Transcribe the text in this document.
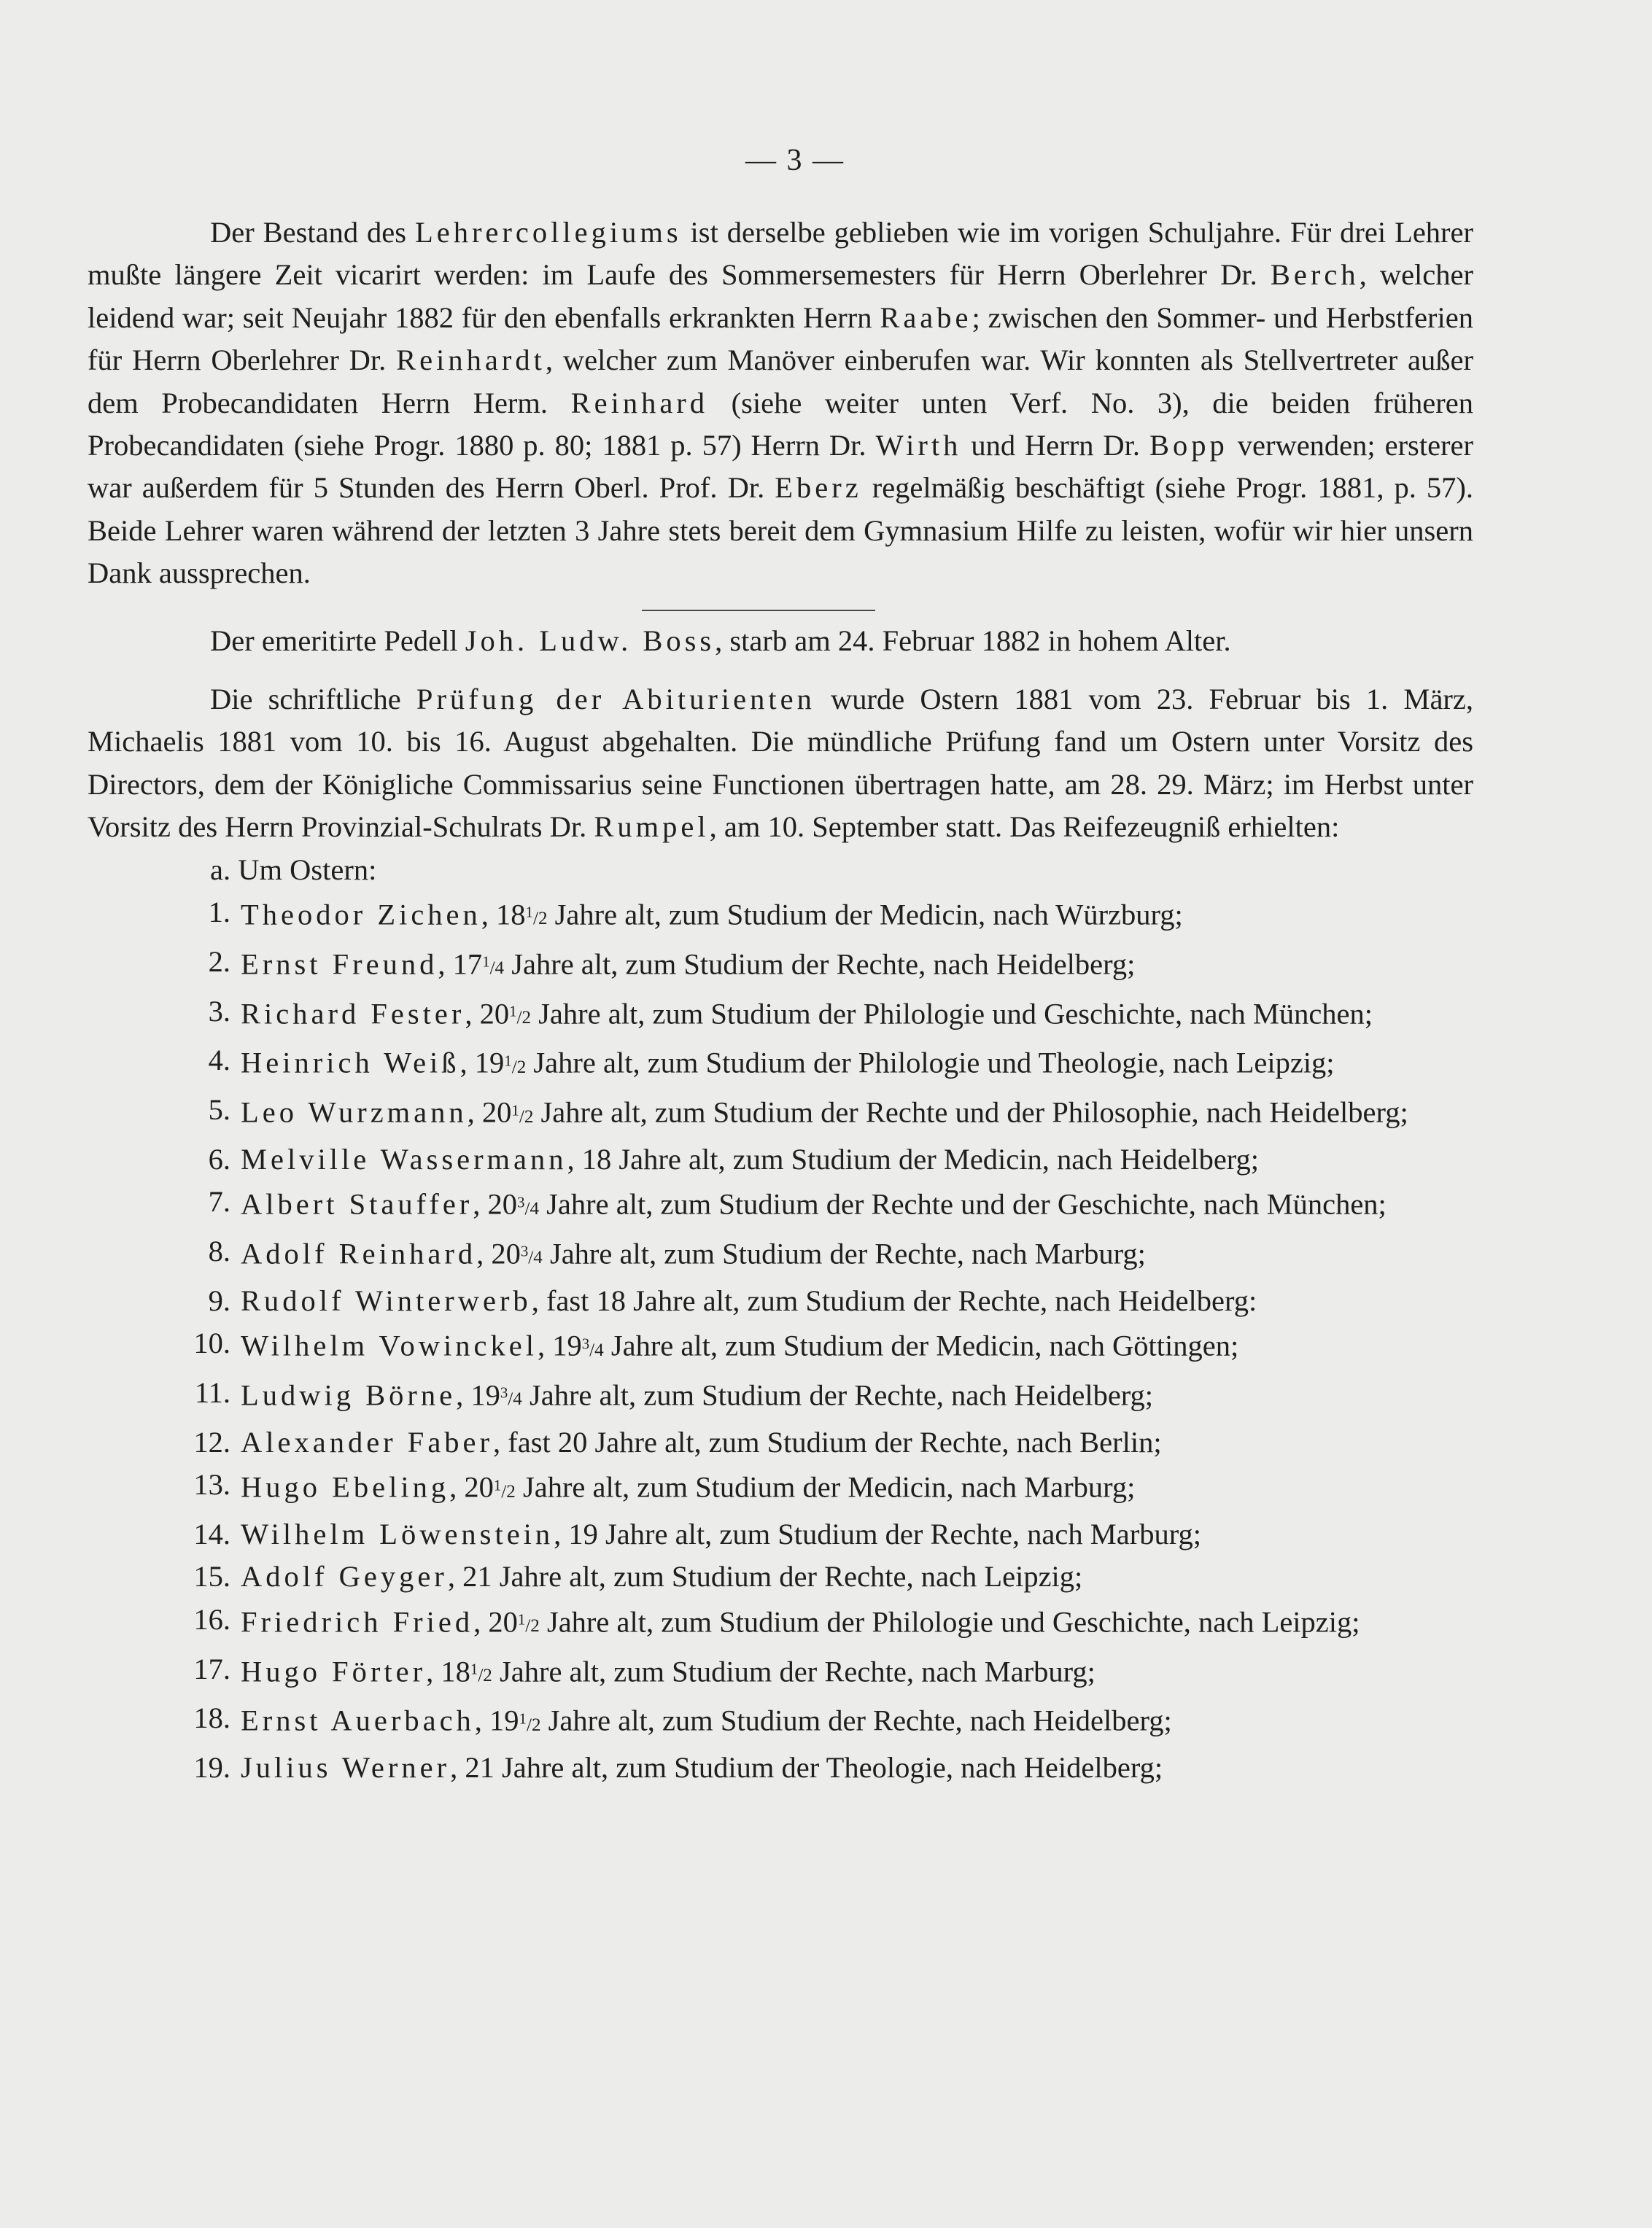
— 3 —

Der Bestand des Lehrercollegiums ist derselbe geblieben wie im vorigen Schuljahre. Für drei Lehrer mußte längere Zeit vicarirt werden: im Laufe des Sommersemesters für Herrn Oberlehrer Dr. Berch, welcher leidend war; seit Neujahr 1882 für den ebenfalls erkrankten Herrn Raabe; zwischen den Sommer- und Herbstferien für Herrn Oberlehrer Dr. Reinhardt, welcher zum Manöver einberufen war. Wir konnten als Stellvertreter außer dem Probecandidaten Herrn Herm. Reinhard (siehe weiter unten Verf. No. 3), die beiden früheren Probecandidaten (siehe Progr. 1880 p. 80; 1881 p. 57) Herrn Dr. Wirth und Herrn Dr. Bopp verwenden; ersterer war außerdem für 5 Stunden des Herrn Oberl. Prof. Dr. Eberz regelmäßig beschäftigt (siehe Progr. 1881, p. 57). Beide Lehrer waren während der letzten 3 Jahre stets bereit dem Gymnasium Hilfe zu leisten, wofür wir hier unsern Dank aussprechen.

Der emeritirte Pedell Joh. Ludw. Boss, starb am 24. Februar 1882 in hohem Alter.

Die schriftliche Prüfung der Abiturienten wurde Ostern 1881 vom 23. Februar bis 1. März, Michaelis 1881 vom 10. bis 16. August abgehalten. Die mündliche Prüfung fand um Ostern unter Vorsitz des Directors, dem der Königliche Commissarius seine Functionen übertragen hatte, am 28. 29. März; im Herbst unter Vorsitz des Herrn Provinzial-Schulrats Dr. Rumpel, am 10. September statt. Das Reifezeugniß erhielten:

a. Um Ostern:

1. Theodor Zichen, $18^1/2$ Jahre alt, zum Studium der Medicin, nach Würzburg;
2. Ernst Freund, $17^1/4$ Jahre alt, zum Studium der Rechte, nach Heidelberg;
3. Richard Fester, $20^1/2$ Jahre alt, zum Studium der Philologie und Geschichte, nach München;
4. Heinrich Weiß, $19^1/2$ Jahre alt, zum Studium der Philologie und Theologie, nach Leipzig;
5. Leo Wurzmann, $20^1/2$ Jahre alt, zum Studium der Rechte und der Philosophie, nach Heidelberg;
6. Melville Wassermann, 18 Jahre alt, zum Studium der Medicin, nach Heidelberg;
7. Albert Stauffer, $20^3/4$ Jahre alt, zum Studium der Rechte und der Geschichte, nach München;
8. Adolf Reinhard, $20^3/4$ Jahre alt, zum Studium der Rechte, nach Marburg;
9. Rudolf Winterwerb, fast 18 Jahre alt, zum Studium der Rechte, nach Heidelberg:
10. Wilhelm Vowinckel, $19^3/4$ Jahre alt, zum Studium der Medicin, nach Göttingen;
11. Ludwig Börne, $19^3/4$ Jahre alt, zum Studium der Rechte, nach Heidelberg;
12. Alexander Faber, fast 20 Jahre alt, zum Studium der Rechte, nach Berlin;
13. Hugo Ebeling, $20^1/2$ Jahre alt, zum Studium der Medicin, nach Marburg;
14. Wilhelm Löwenstein, 19 Jahre alt, zum Studium der Rechte, nach Marburg;
15. Adolf Geyger, 21 Jahre alt, zum Studium der Rechte, nach Leipzig;
16. Friedrich Fried, $20^1/2$ Jahre alt, zum Studium der Philologie und Geschichte, nach Leipzig;
17. Hugo Förter, $18^1/2$ Jahre alt, zum Studium der Rechte, nach Marburg;
18. Ernst Auerbach, $19^1/2$ Jahre alt, zum Studium der Rechte, nach Heidelberg;
19. Julius Werner, 21 Jahre alt, zum Studium der Theologie, nach Heidelberg;
